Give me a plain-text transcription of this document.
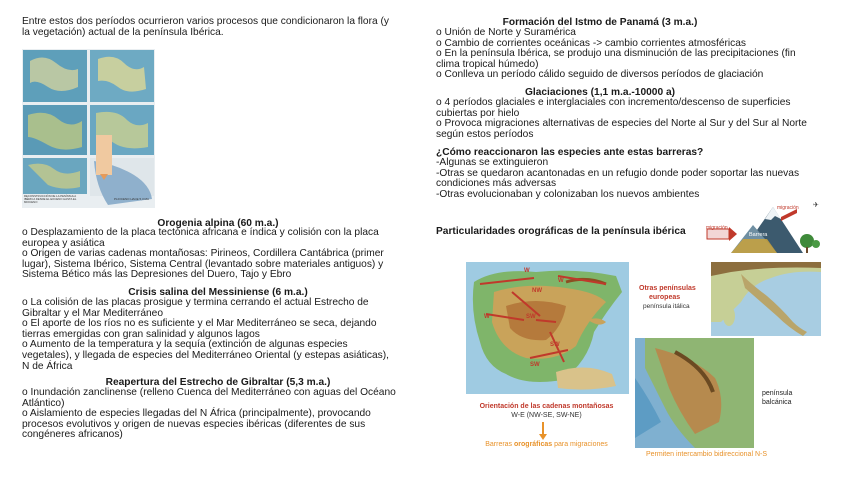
Entre estos dos períodos ocurrieron varios procesos que condicionaron la flora (y
la vegetación) actual de la península Ibérica.
RECONSTRUCCIÓN DE LA PENÍNSULA IBÉRICA DESDE EL EOCENO HASTA EL MIOCENO
PLIOCENO HACE 5,3 MA
Orogenia alpina (60 m.a.)
o Desplazamiento de la placa tectónica africana e índica y colisión con la placa
europea y asiática
o Origen de varias cadenas montañosas: Pirineos, Cordillera Cantábrica (primer
lugar), Sistema Ibérico, Sistema Central (levantado sobre materiales antiguos) y
Sistema Bético más las Depresiones del Duero, Tajo y Ebro
Crisis salina del Messiniense (6 m.a.)
o La colisión de las placas prosigue y termina cerrando el actual Estrecho de
Gibraltar y el Mar Mediterráneo
o El aporte de los ríos no es suficiente y el Mar Mediterráneo se seca, dejando
tierras emergidas con gran salinidad y algunos lagos
o Aumento de la temperatura y la sequía (extinción de algunas especies
vegetales), y llegada de especies del Mediterráneo Oriental (y estepas asiáticas),
N de África
Reapertura del Estrecho de Gibraltar (5,3 m.a.)
o Inundación zanclinense (relleno Cuenca del Mediterráneo con aguas del Océano
Atlántico)
o Aislamiento de especies llegadas del N África (principalmente), provocando
procesos evolutivos y origen de nuevas especies ibéricas (diferentes de sus
congéneres africanos)
Formación del Istmo de Panamá (3 m.a.)
o Unión de Norte y Suramérica
o Cambio de corrientes oceánicas -> cambio corrientes atmosféricas
o En la península Ibérica, se produjo una disminución de las precipitaciones (fin
clima tropical húmedo)
o Conlleva un período cálido seguido de diversos períodos de glaciación
Glaciaciones (1,1 m.a.-10000 a)
o 4 períodos glaciales e interglaciales con incremento/descenso de superficies
cubiertas por hielo
o Provoca migraciones alternativas de especies del Norte al Sur y del Sur al Norte
según estos períodos
¿Cómo reaccionaron las especies ante estas barreras?
-Algunas se extinguieron
-Otras se quedaron acantonadas en un refugio donde poder soportar las nuevas
condiciones más adversas
-Otras evolucionaban y colonizaban los nuevos ambientes
Particularidades orográficas de la península ibérica
✈
migración
migración
Barrera
W
NW
W	SW
W
SW
SW
Otras penínsulas
europeas
península itálica
península
balcánica
Orientación de las cadenas montañosas
W-E (NW-SE, SW-NE)
Barreras orográficas para migraciones
Permiten intercambio bidireccional N-S
